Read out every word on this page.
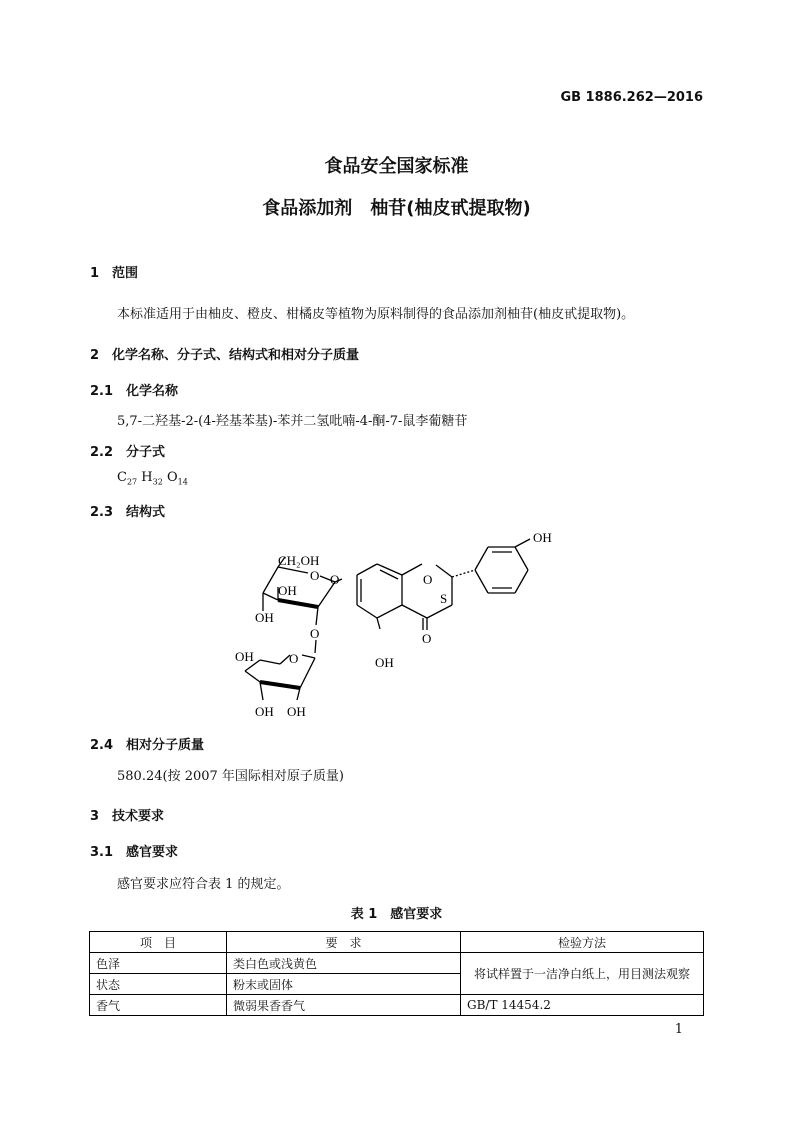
GB 1886.262—2016
食品安全国家标准
食品添加剂　柚苷(柚皮甙提取物)
1　范围
本标准适用于由柚皮、橙皮、柑橘皮等植物为原料制得的食品添加剂柚苷(柚皮甙提取物)。
2　化学名称、分子式、结构式和相对分子质量
2.1　化学名称
5,7-二羟基-2-(4-羟基苯基)-苯并二氢吡喃-4-酮-7-鼠李葡糖苷
2.2　分子式
$C_{27}$ $H_{32}$ $O_{14}$
2.3　结构式
CH₂OH
O
OH
OH
O
O
OH	O
OH OH
O
S
OH
O
OH
2.4　相对分子质量
580.24(按 2007 年国际相对原子质量)
3　技术要求
3.1　感官要求
感官要求应符合表 1 的规定。
表 1　感官要求
项　目	要　求	检验方法
色泽	类白色或浅黄色	将试样置于一洁净白纸上，用目测法观察
状态	粉末或固体	
香气	微弱果香香气	GB/T 14454.2
1
